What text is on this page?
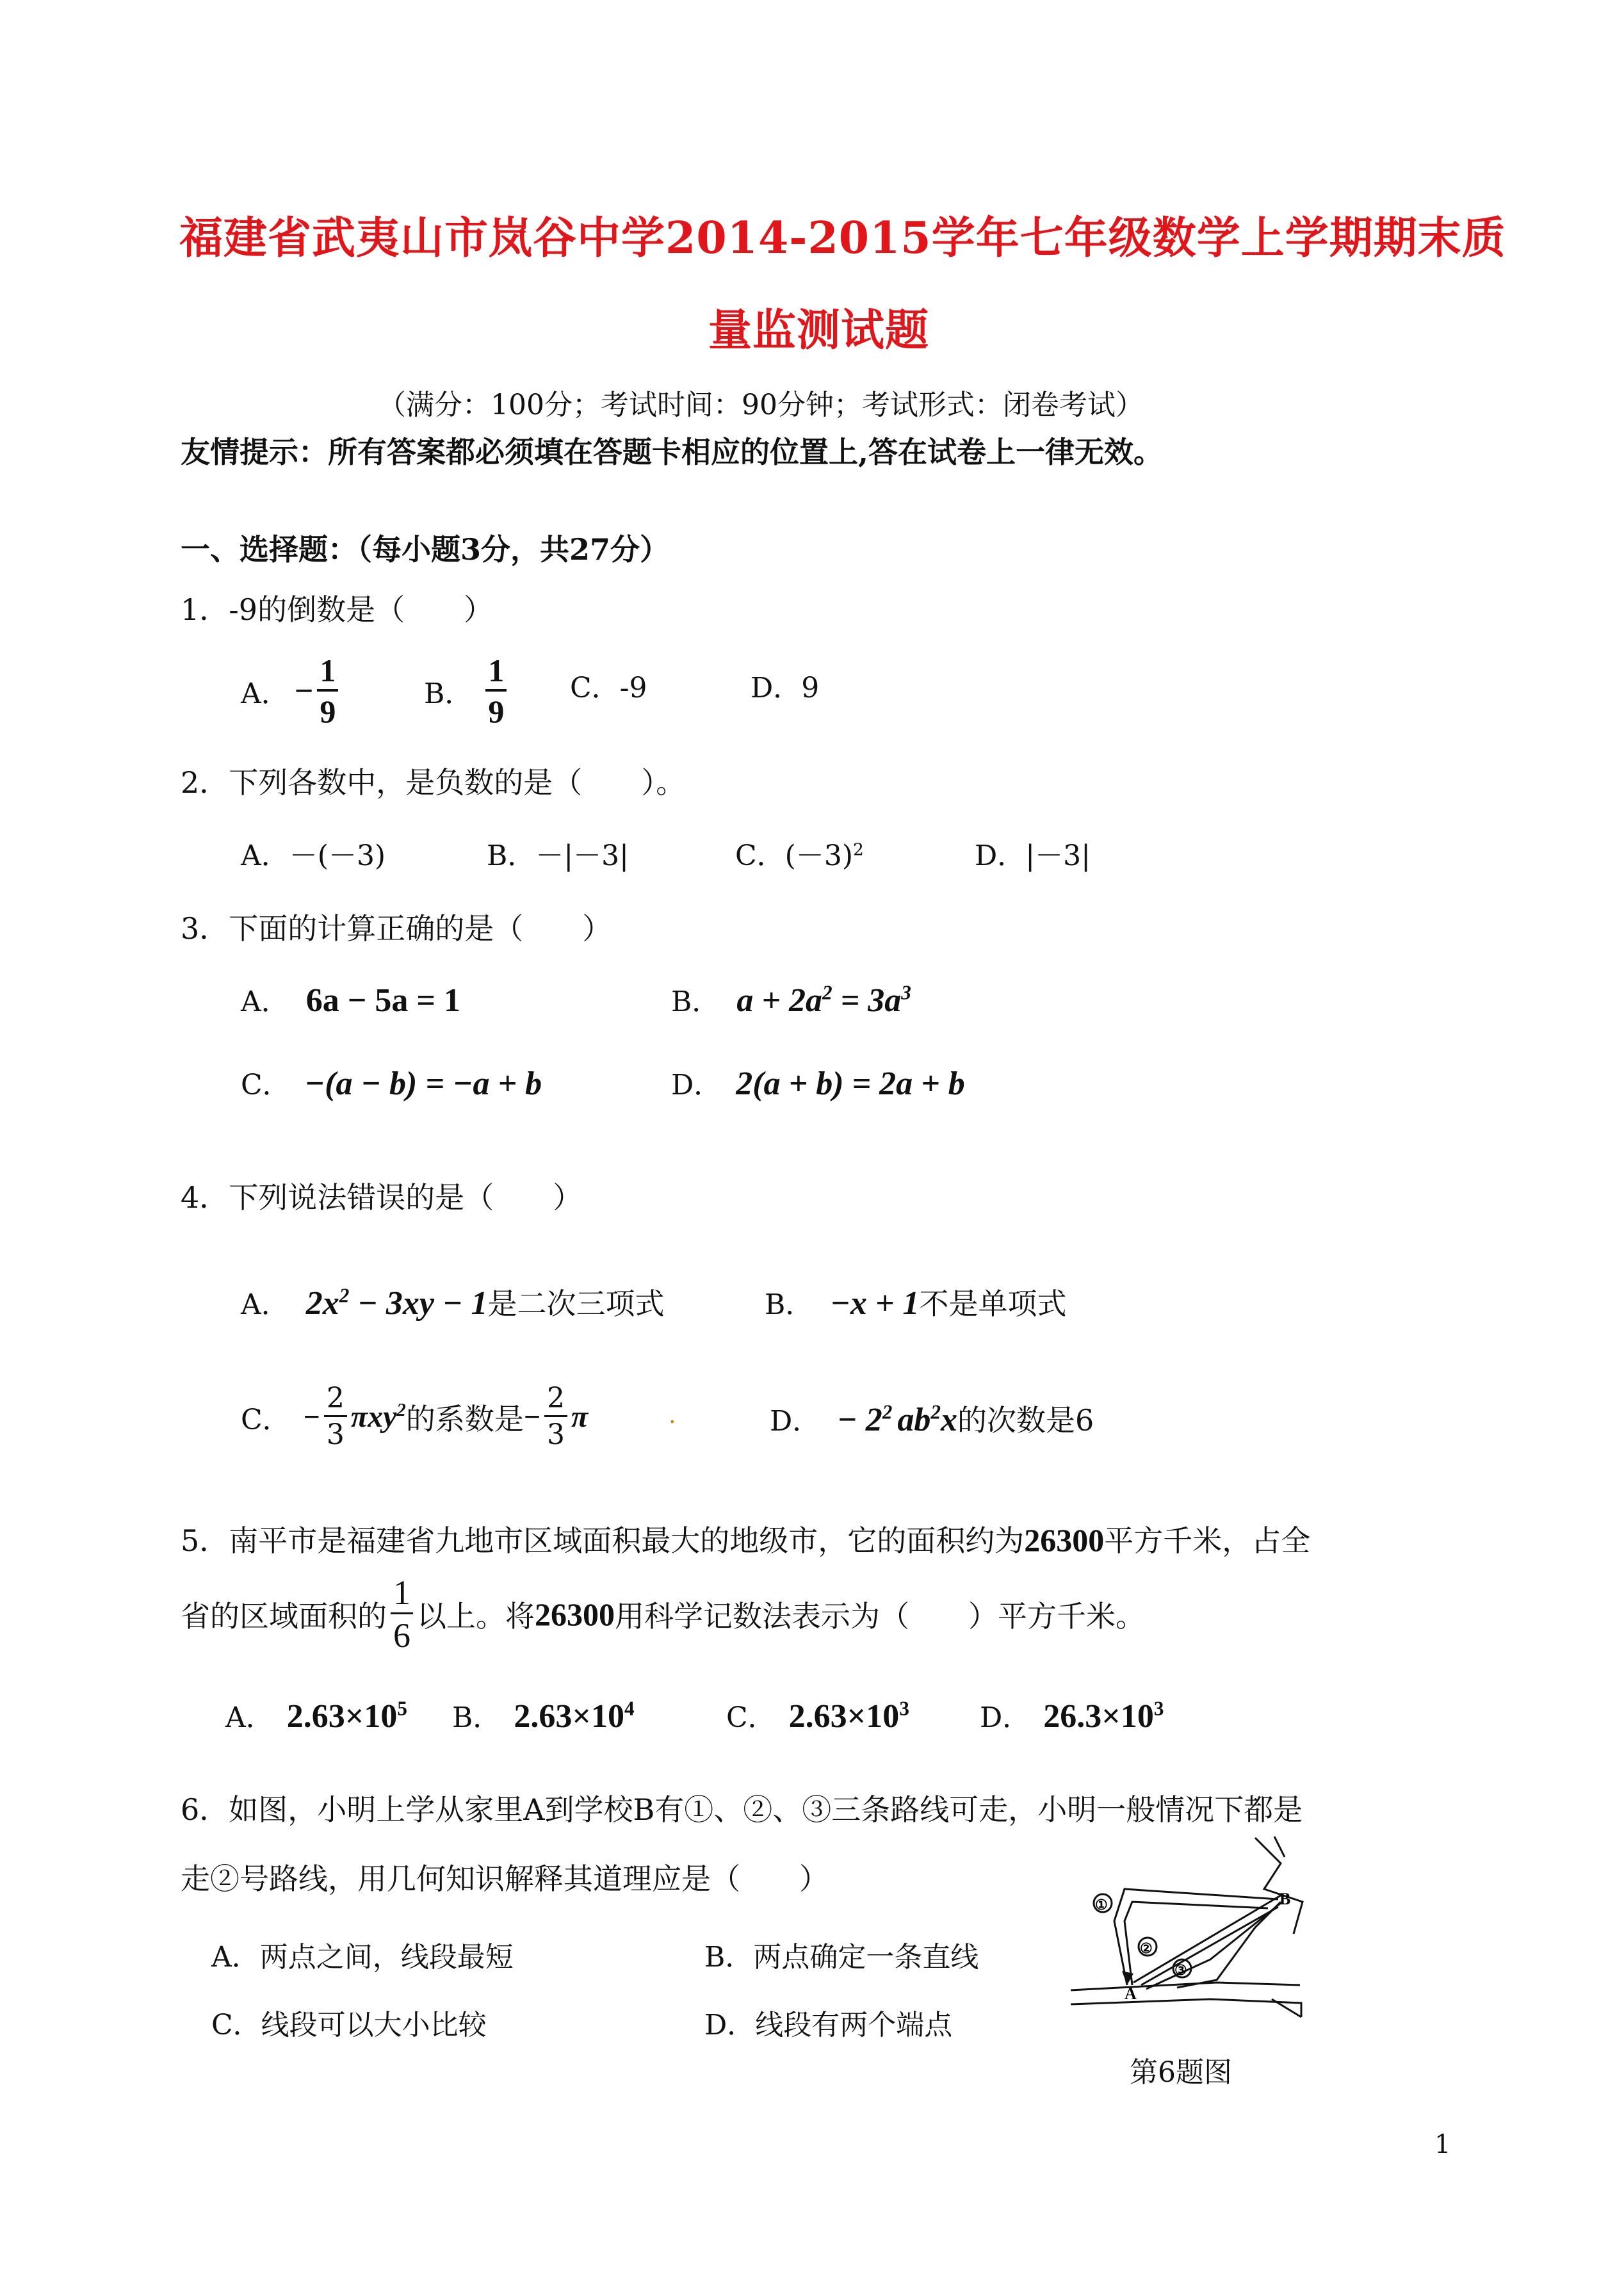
福建省武夷山市岚谷中学2014-2015学年七年级数学上学期期末质
量监测试题
（满分：100分；考试时间：90分钟；考试形式：闭卷考试）
友情提示：所有答案都必须填在答题卡相应的位置上,答在试卷上一律无效。
一、选择题：（每小题3分，共27分）
1．-9的倒数是（　　）
A． − $\frac{1}{9}$	B． $\frac{1}{9}$ C．-9	D．9
2．下列各数中，是负数的是（　　）。
A．－(－3)	B．－|－3|	C．$(-3)^2$	D．|－3|
3．下面的计算正确的是（　　）
A． 6a − 5a = 1	B． $a + 2a^2 = 3a^3$
C． −(a − b) = −a + b	D． 2(a + b) = 2a + b
4．下列说法错误的是（　　）
A． $2x^2 - 3xy - 1$ 是二次三项式	B． −x + 1 不是单项式
C． − $\frac{2}{3} \pi xy^2$ 的系数是 − $\frac{2}{3}$ π	.	D． − $2^2$ $ab^2x$ 的次数是6
5．南平市是福建省九地市区域面积最大的地级市，它的面积约为 26300 平方千米，占全
省的区域面积的 $\frac{1}{6}$ 以上。将 26300 用科学记数法表示为（　　）平方千米。
A． $2.63\times 10^5$ B． $2.63\times 10^4$	C． $2.63\times 10^3$	D． $26.3\times 10^3$
6．如图，小明上学从家里A到学校B有①、②、③三条路线可走，小明一般情况下都是
走②号路线，用几何知识解释其道理应是（　　）
A．两点之间，线段最短	B．两点确定一条直线
C．线段可以大小比较	D．线段有两个端点
①
②
③
A
B
第6题图
1
